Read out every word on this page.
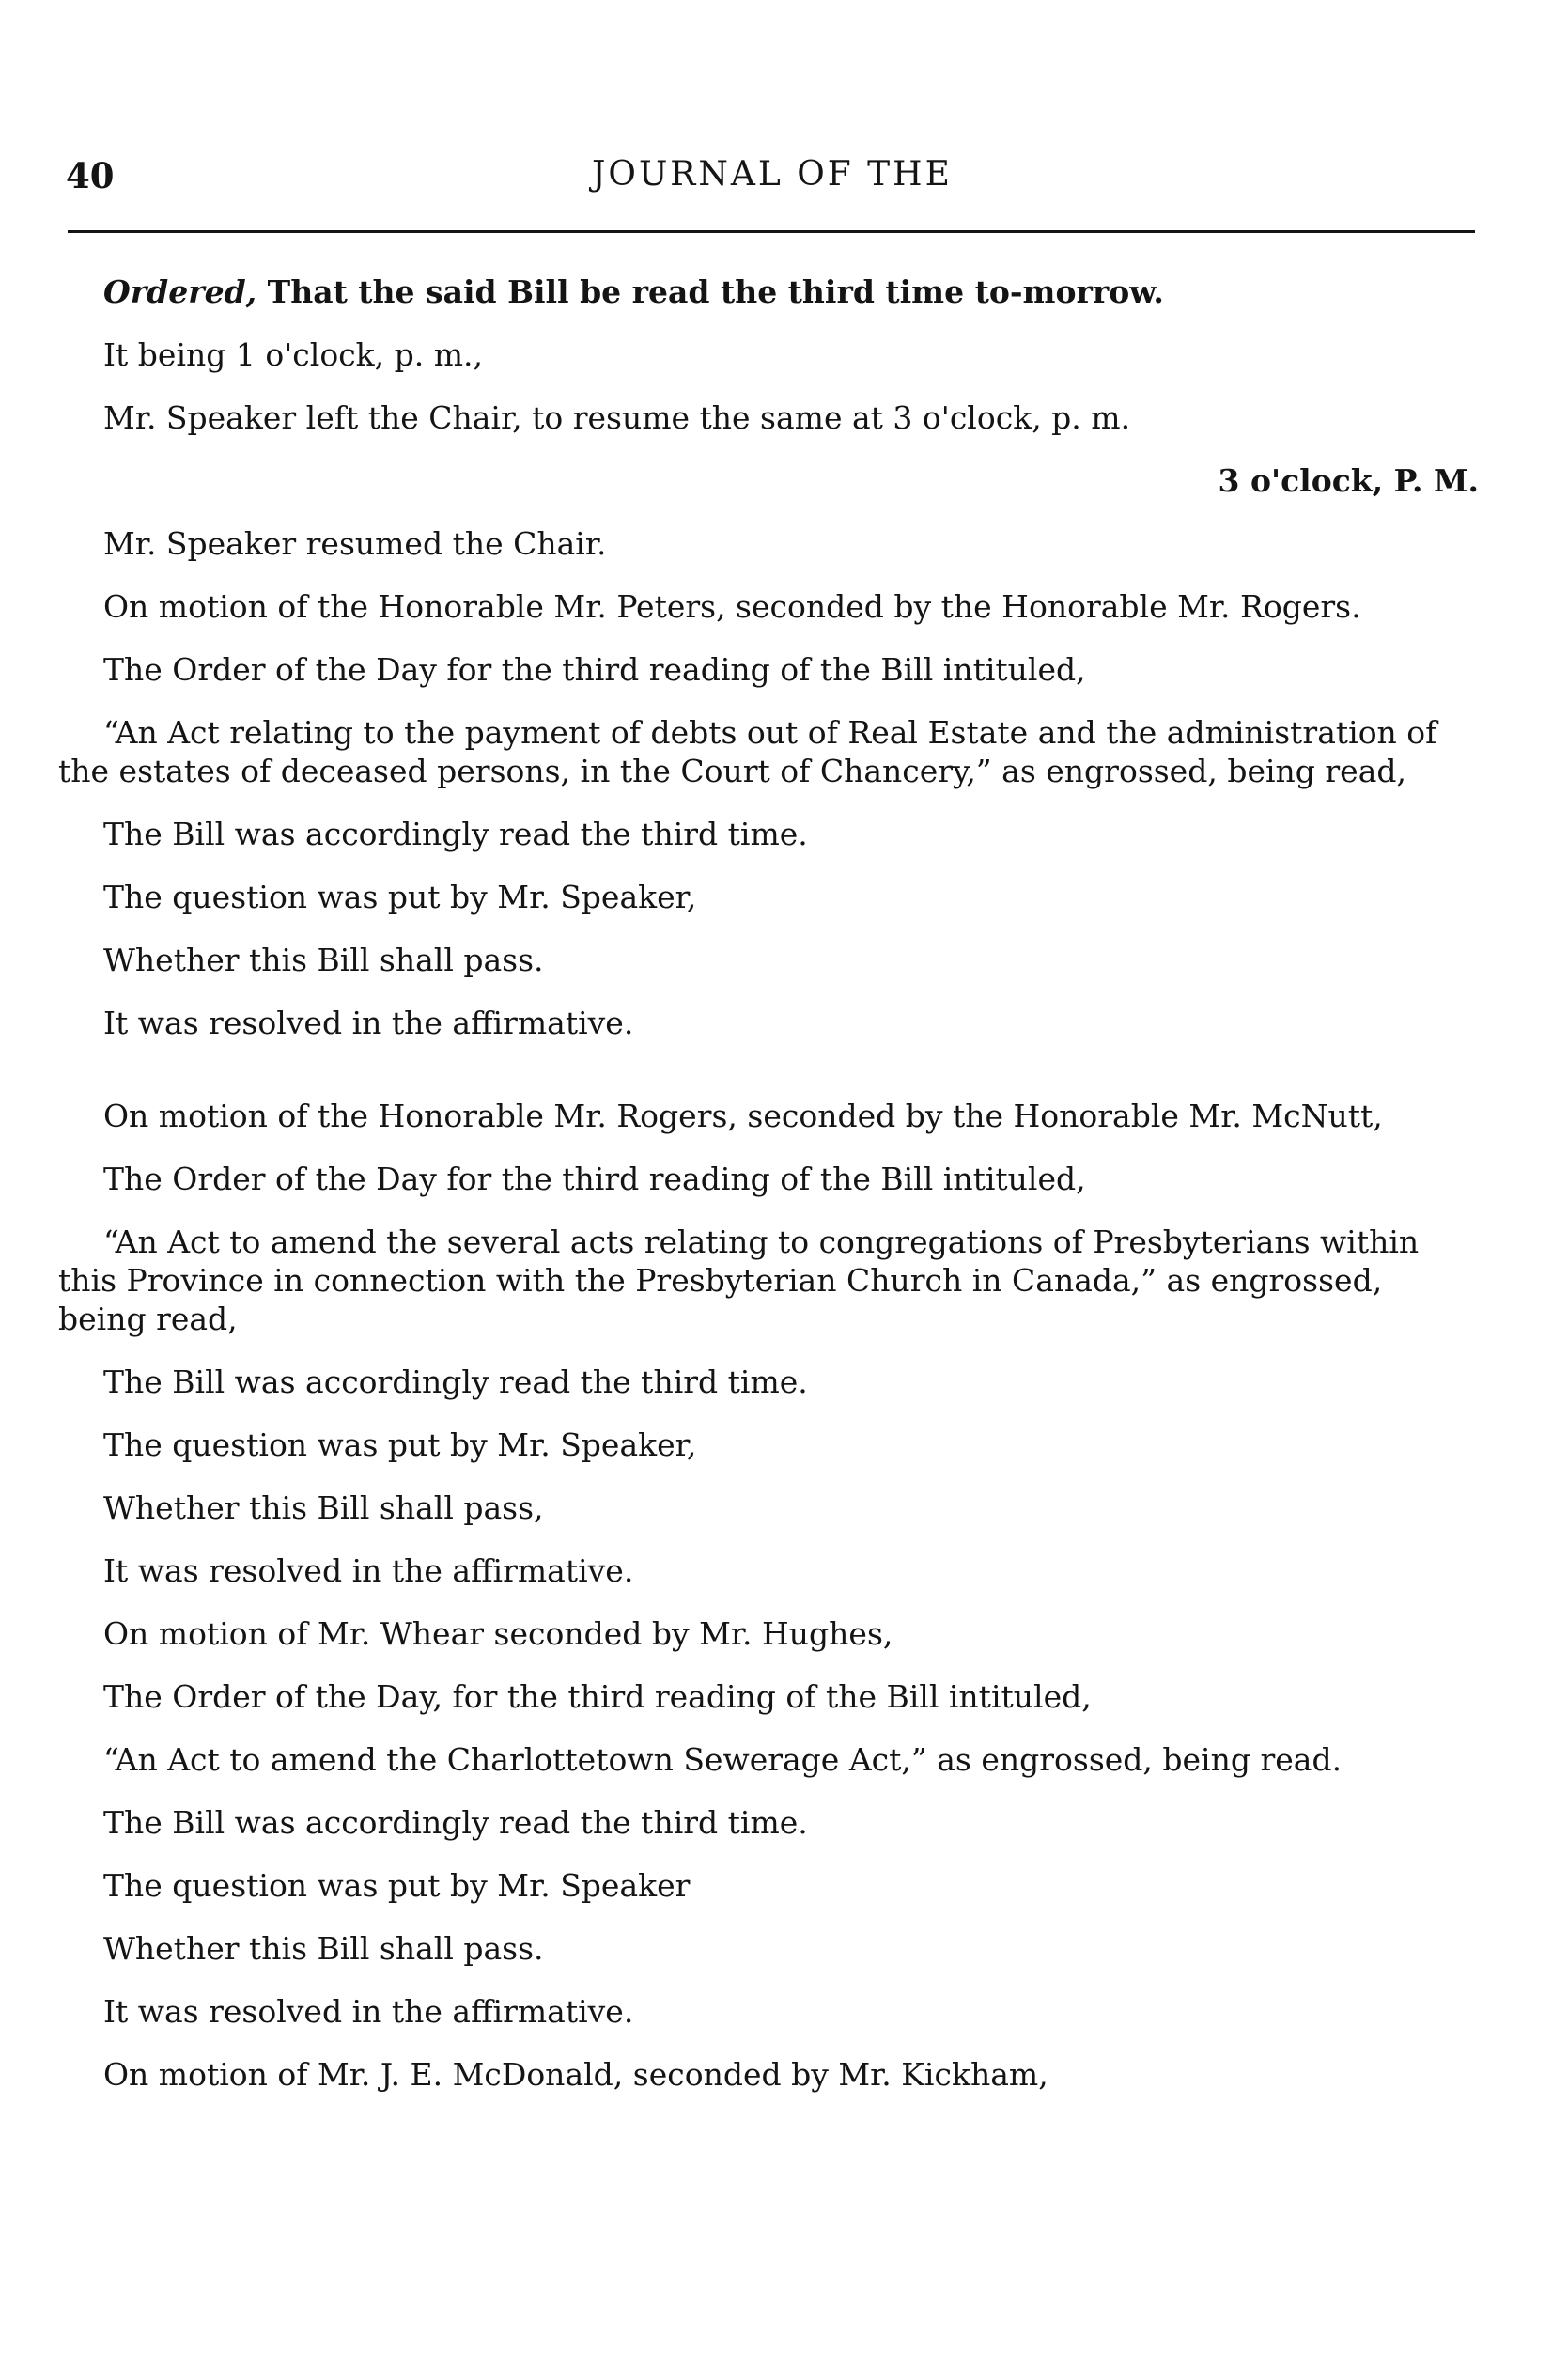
40	JOURNAL OF THE

Ordered, That the said Bill be read the third time to-morrow.

It being 1 o'clock, p. m.,

Mr. Speaker left the Chair, to resume the same at 3 o'clock, p. m.

3 o'clock, P. M.

Mr. Speaker resumed the Chair.

On motion of the Honorable Mr. Peters, seconded by the Honorable Mr. Rogers.

The Order of the Day for the third reading of the Bill intituled,

“An Act relating to the payment of debts out of Real Estate and the administration of the estates of deceased persons, in the Court of Chancery,” as engrossed, being read,

The Bill was accordingly read the third time.

The question was put by Mr. Speaker,

Whether this Bill shall pass.

It was resolved in the affirmative.

On motion of the Honorable Mr. Rogers, seconded by the Honorable Mr. McNutt,

The Order of the Day for the third reading of the Bill intituled,

“An Act to amend the several acts relating to congregations of Presbyterians within this Province in connection with the Presbyterian Church in Canada,” as engrossed, being read,

The Bill was accordingly read the third time.

The question was put by Mr. Speaker,

Whether this Bill shall pass,

It was resolved in the affirmative.

On motion of Mr. Whear seconded by Mr. Hughes,

The Order of the Day, for the third reading of the Bill intituled,

“An Act to amend the Charlottetown Sewerage Act,” as engrossed, being read.

The Bill was accordingly read the third time.

The question was put by Mr. Speaker

Whether this Bill shall pass.

It was resolved in the affirmative.

On motion of Mr. J. E. McDonald, seconded by Mr. Kickham,
